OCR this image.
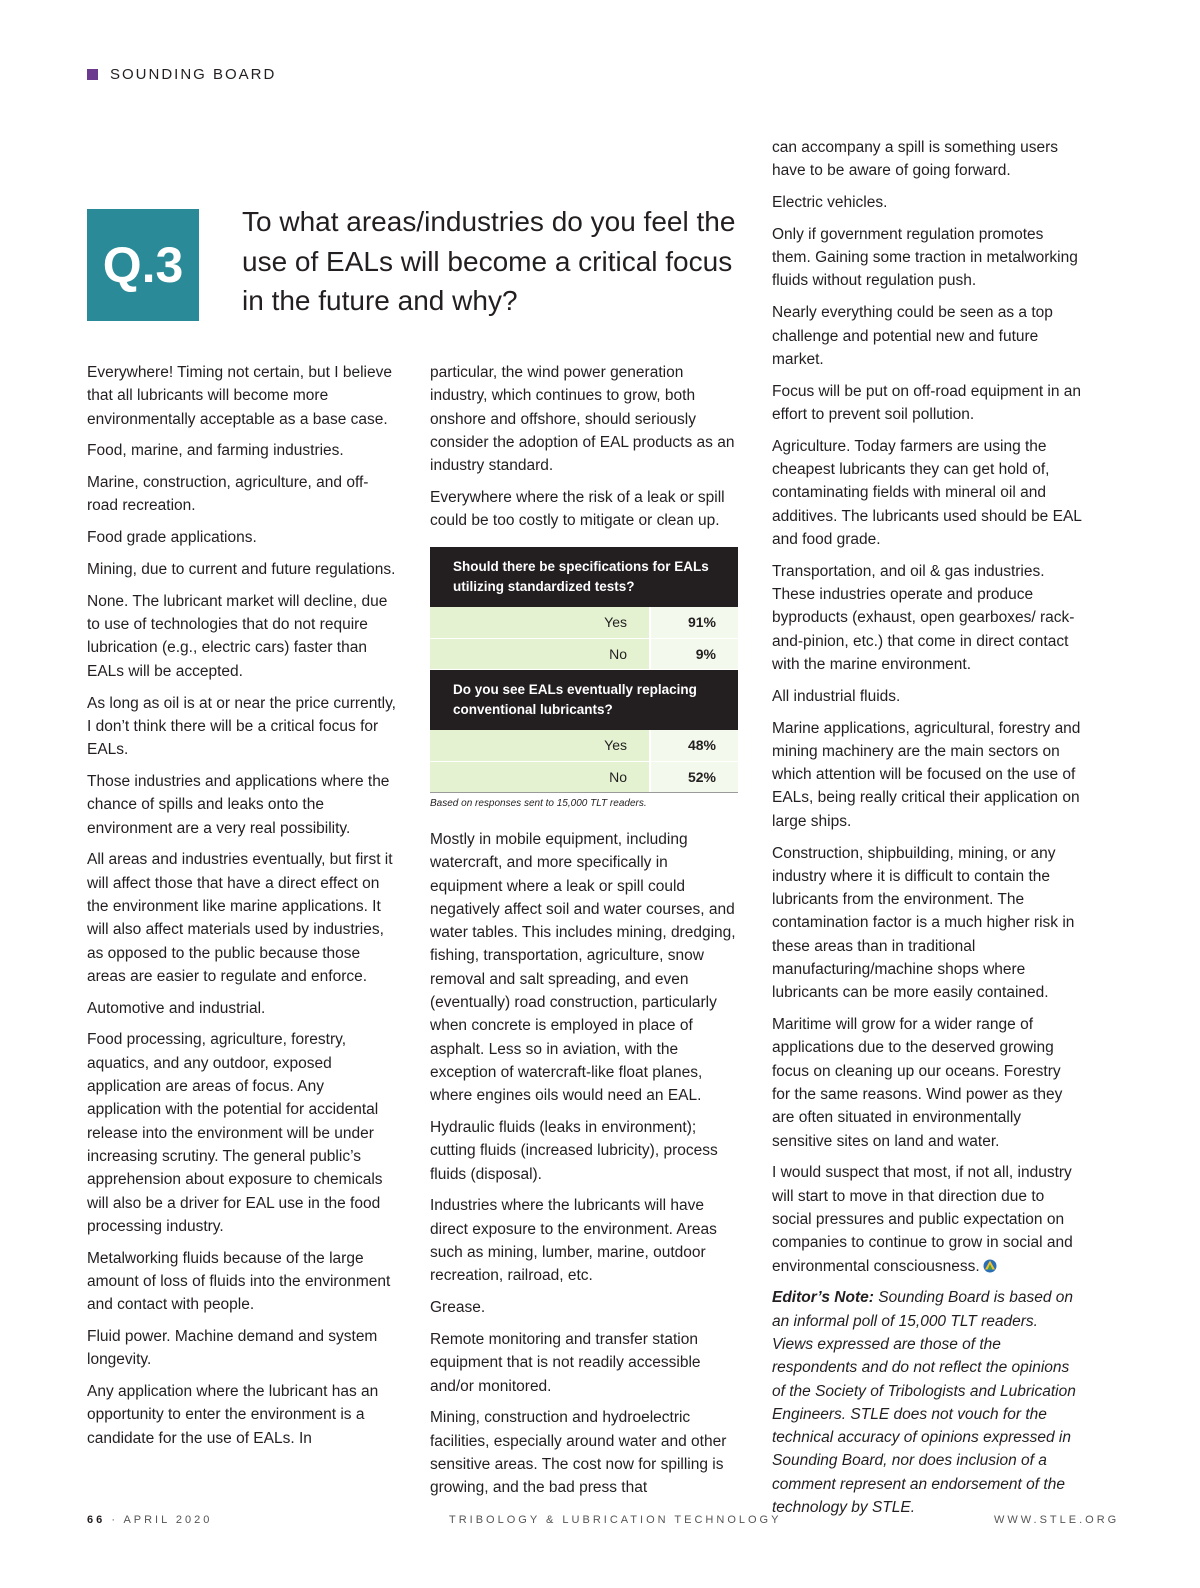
SOUNDING BOARD
Q.3
To what areas/industries do you feel the use of EALs will become a critical focus in the future and why?

Everywhere! Timing not certain, but I believe that all lubricants will become more environmentally acceptable as a base case.

Food, marine, and farming industries.

Marine, construction, agriculture, and off-road recreation.

Food grade applications.

Mining, due to current and future regulations.

None. The lubricant market will decline, due to use of technologies that do not require lubrication (e.g., electric cars) faster than EALs will be accepted.

As long as oil is at or near the price currently, I don’t think there will be a critical focus for EALs.

Those industries and applications where the chance of spills and leaks onto the environment are a very real possibility.

All areas and industries eventually, but first it will affect those that have a direct effect on the environment like marine applications. It will also affect materials used by industries, as opposed to the public because those areas are easier to regulate and enforce.

Automotive and industrial.

Food processing, agriculture, forestry, aquatics, and any outdoor, exposed application are areas of focus. Any application with the potential for accidental release into the environment will be under increasing scrutiny. The general public’s apprehension about exposure to chemicals will also be a driver for EAL use in the food processing industry.

Metalworking fluids because of the large amount of loss of fluids into the environment and contact with people.

Fluid power. Machine demand and system longevity.

Any application where the lubricant has an opportunity to enter the environment is a candidate for the use of EALs. In

particular, the wind power generation industry, which continues to grow, both onshore and offshore, should seriously consider the adoption of EAL products as an industry standard.

Everywhere where the risk of a leak or spill could be too costly to mitigate or clean up.

Should there be specifications for EALs utilizing standardized tests?
Yes	91%
No	9%
Do you see EALs eventually replacing conventional lubricants?
Yes	48%
No	52%
Based on responses sent to 15,000 TLT readers.

Mostly in mobile equipment, including watercraft, and more specifically in equipment where a leak or spill could negatively affect soil and water courses, and water tables. This includes mining, dredging, fishing, transportation, agriculture, snow removal and salt spreading, and even (eventually) road construction, particularly when concrete is employed in place of asphalt. Less so in aviation, with the exception of watercraft-like float planes, where engines oils would need an EAL.

Hydraulic fluids (leaks in environment); cutting fluids (increased lubricity), process fluids (disposal).

Industries where the lubricants will have direct exposure to the environment. Areas such as mining, lumber, marine, outdoor recreation, railroad, etc.

Grease.

Remote monitoring and transfer station equipment that is not readily accessible and/or monitored.

Mining, construction and hydroelectric facilities, especially around water and other sensitive areas. The cost now for spilling is growing, and the bad press that

can accompany a spill is something users have to be aware of going forward.

Electric vehicles.

Only if government regulation promotes them. Gaining some traction in metalworking fluids without regulation push.

Nearly everything could be seen as a top challenge and potential new and future market.

Focus will be put on off-road equipment in an effort to prevent soil pollution.

Agriculture. Today farmers are using the cheapest lubricants they can get hold of, contaminating fields with mineral oil and additives. The lubricants used should be EAL and food grade.

Transportation, and oil & gas industries. These industries operate and produce byproducts (exhaust, open gearboxes/ rack-and-pinion, etc.) that come in direct contact with the marine environment.

All industrial fluids.

Marine applications, agricultural, forestry and mining machinery are the main sectors on which attention will be focused on the use of EALs, being really critical their application on large ships.

Construction, shipbuilding, mining, or any industry where it is difficult to contain the lubricants from the environment. The contamination factor is a much higher risk in these areas than in traditional manufacturing/machine shops where lubricants can be more easily contained.

Maritime will grow for a wider range of applications due to the deserved growing focus on cleaning up our oceans. Forestry for the same reasons. Wind power as they are often situated in environmentally sensitive sites on land and water.

I would suspect that most, if not all, industry will start to move in that direction due to social pressures and public expectation on companies to continue to grow in social and environmental consciousness.

Editor’s Note: Sounding Board is based on an informal poll of 15,000 TLT readers. Views expressed are those of the respondents and do not reflect the opinions of the Society of Tribologists and Lubrication Engineers. STLE does not vouch for the technical accuracy of opinions expressed in Sounding Board, nor does inclusion of a comment represent an endorsement of the technology by STLE.

66 · APRIL 2020	TRIBOLOGY & LUBRICATION TECHNOLOGY	WWW.STLE.ORG
